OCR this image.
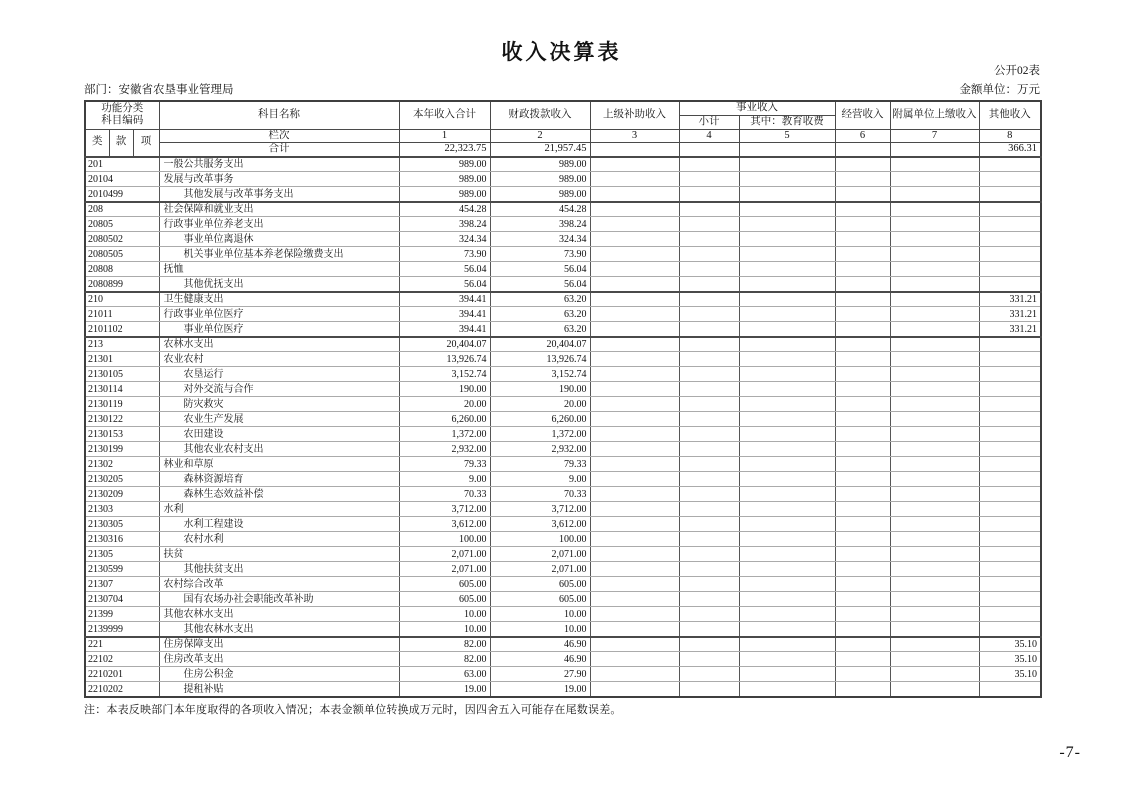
收入决算表
公开02表
部门：安徽省农垦事业管理局	金额单位：万元
功能分类
科目编码			科目名称	本年收入合计	财政拨款收入	上级补助收入	事业收入		经营收入	附属单位上缴收入	其他收入
							小计	其中：教育收费			
类	款	项	栏次	1	2	3	4	5	6	7	8
			合计	22,323.75	21,957.45						366.31
201			一般公共服务支出	989.00	989.00						
20104			发展与改革事务	989.00	989.00						
2010499			其他发展与改革事务支出	989.00	989.00						
208			社会保障和就业支出	454.28	454.28						
20805			行政事业单位养老支出	398.24	398.24						
2080502			事业单位离退休	324.34	324.34						
2080505			机关事业单位基本养老保险缴费支出	73.90	73.90						
20808			抚恤	56.04	56.04						
2080899			其他优抚支出	56.04	56.04						
210			卫生健康支出	394.41	63.20						331.21
21011			行政事业单位医疗	394.41	63.20						331.21
2101102			事业单位医疗	394.41	63.20						331.21
213			农林水支出	20,404.07	20,404.07						
21301			农业农村	13,926.74	13,926.74						
2130105			农垦运行	3,152.74	3,152.74						
2130114			对外交流与合作	190.00	190.00						
2130119			防灾救灾	20.00	20.00						
2130122			农业生产发展	6,260.00	6,260.00						
2130153			农田建设	1,372.00	1,372.00						
2130199			其他农业农村支出	2,932.00	2,932.00						
21302			林业和草原	79.33	79.33						
2130205			森林资源培育	9.00	9.00						
2130209			森林生态效益补偿	70.33	70.33						
21303			水利	3,712.00	3,712.00						
2130305			水利工程建设	3,612.00	3,612.00						
2130316			农村水利	100.00	100.00						
21305			扶贫	2,071.00	2,071.00						
2130599			其他扶贫支出	2,071.00	2,071.00						
21307			农村综合改革	605.00	605.00						
2130704			国有农场办社会职能改革补助	605.00	605.00						
21399			其他农林水支出	10.00	10.00						
2139999			其他农林水支出	10.00	10.00						
221			住房保障支出	82.00	46.90						35.10
22102			住房改革支出	82.00	46.90						35.10
2210201			住房公积金	63.00	27.90						35.10
2210202			提租补贴	19.00	19.00						
注：本表反映部门本年度取得的各项收入情况；本表金额单位转换成万元时，因四舍五入可能存在尾数误差。
-7-
